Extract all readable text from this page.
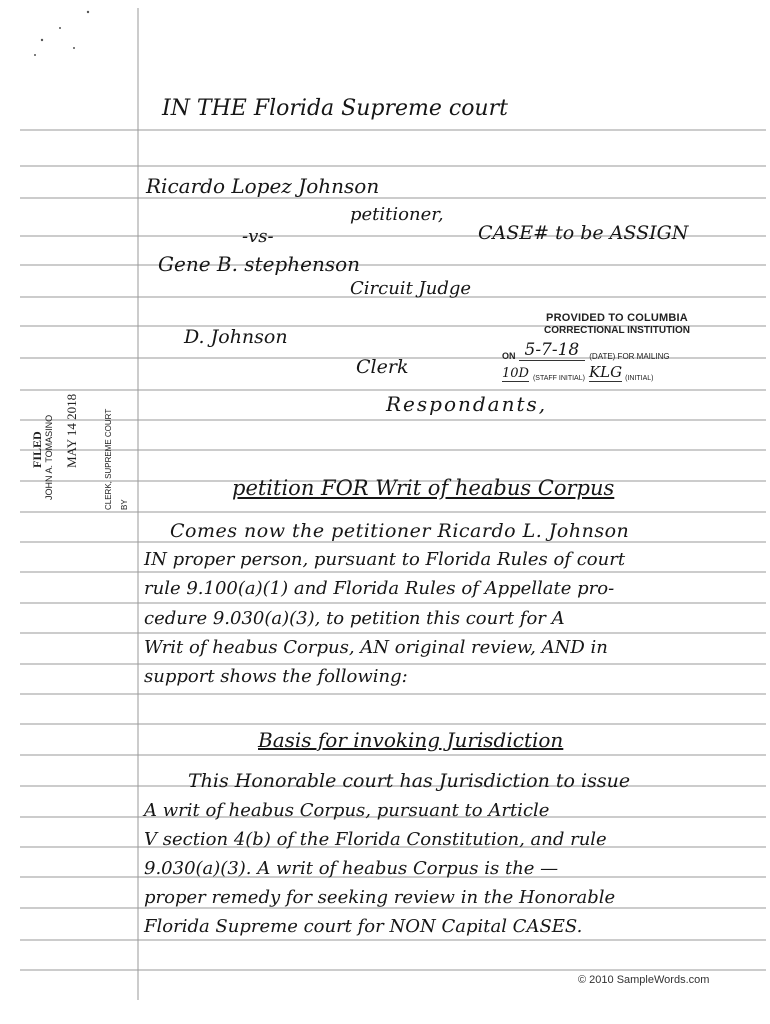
IN THE Florida Supreme court
Ricardo Lopez Johnson
petitioner,
-vs-	CASE# to be ASSIGN
Gene B. stephenson
Circuit Judge
D. Johnson
Clerk
PROVIDED TO COLUMBIA
CORRECTIONAL INSTITUTION
ON 5-7-18	(DATE) FOR MAILING
10D (STAFF INITIAL) KLG (INITIAL)
Respondants,
FILED JOHN A. TOMASINO MAY 14 2018	CLERK, SUPREME COURT BY
petition FOR Writ of heabus Corpus
Comes now the petitioner Ricardo L. Johnson
IN proper person, pursuant to Florida Rules of court
rule 9.100(a)(1) and Florida Rules of Appellate pro-
cedure 9.030(a)(3), to petition this court for A
Writ of heabus Corpus, AN original review, AND in
support shows the following:
Basis for invoking Jurisdiction
This Honorable court has Jurisdiction to issue
A writ of heabus Corpus, pursuant to Article
V section 4(b) of the Florida Constitution, and rule
9.030(a)(3). A writ of heabus Corpus is the —
proper remedy for seeking review in the Honorable
Florida Supreme court for NON Capital CASES.
© 2010 SampleWords.com
